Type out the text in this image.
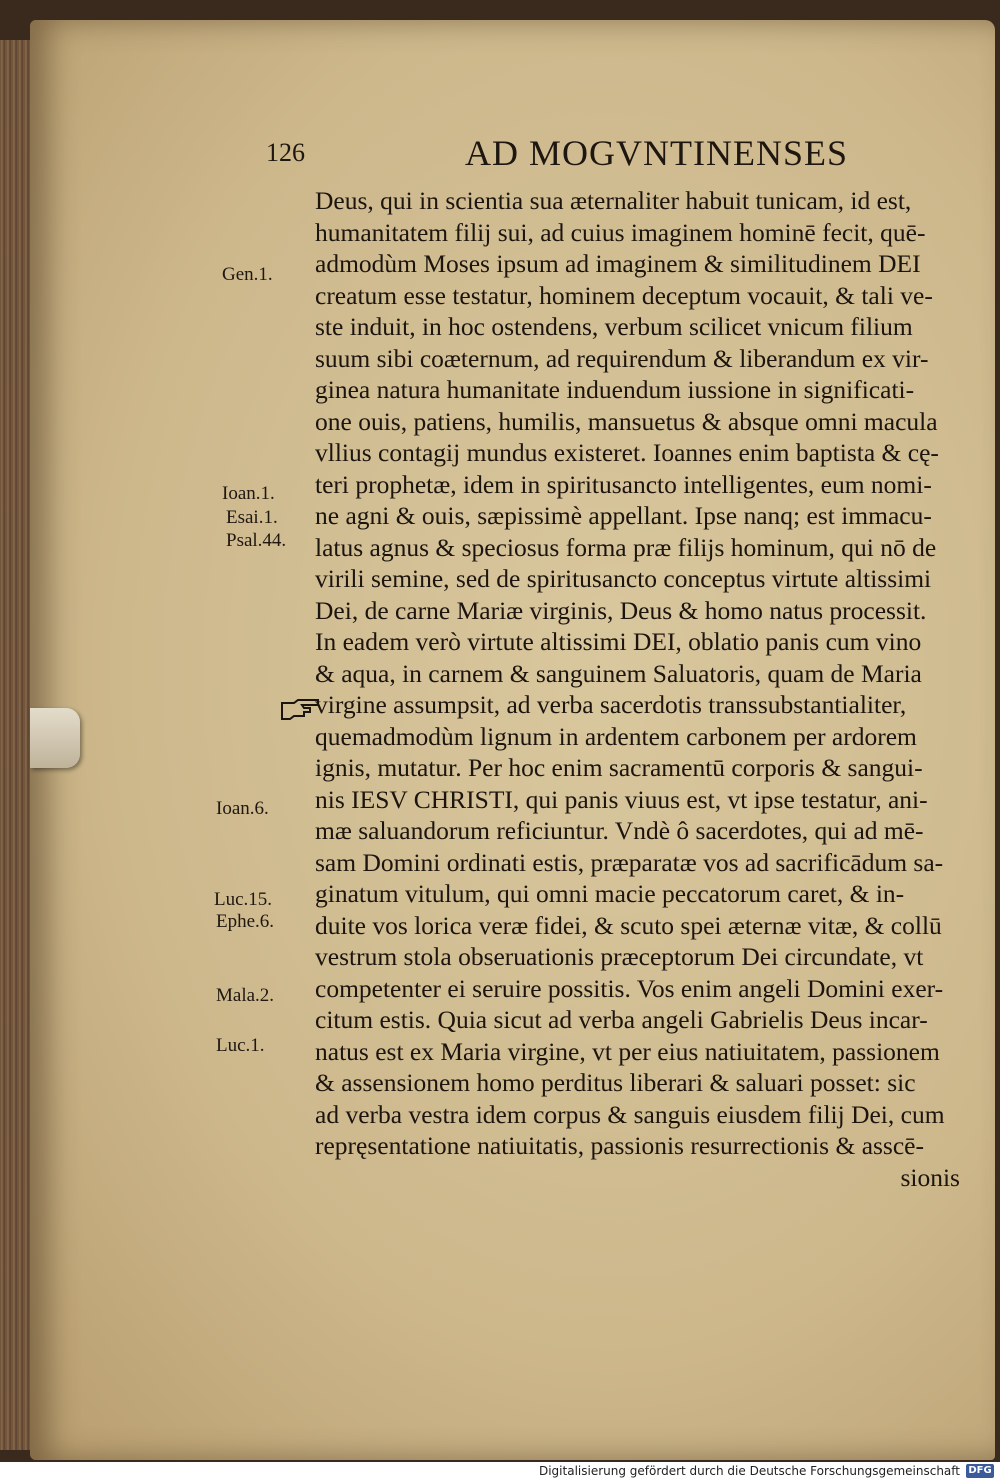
126	AD MOGVNTINENSES
Gen.1.
Ioan.1.
Esai.1.
Psal.44.
Ioan.6.
Luc.15.
Ephe.6.
Mala.2.
Luc.1.
Deus, qui in scientia sua æternaliter habuit tunicam, id est,
humanitatem filij sui, ad cuius imaginem hominē fecit, quē-
admodùm Moses ipsum ad imaginem & similitudinem DEI
creatum esse testatur, hominem deceptum vocauit, & tali ve-
ste induit, in hoc ostendens, verbum scilicet vnicum filium
suum sibi coæternum, ad requirendum & liberandum ex vir-
ginea natura humanitate induendum iussione in significati-
one ouis, patiens, humilis, mansuetus & absque omni macula
vllius contagij mundus existeret. Ioannes enim baptista & cę-
teri prophetæ, idem in spiritusancto intelligentes, eum nomi-
ne agni & ouis, sæpissimè appellant. Ipse nanq; est immacu-
latus agnus & speciosus forma præ filijs hominum, qui nō de
virili semine, sed de spiritusancto conceptus virtute altissimi
Dei, de carne Mariæ virginis, Deus & homo natus processit.
In eadem verò virtute altissimi DEI, oblatio panis cum vino
& aqua, in carnem & sanguinem Saluatoris, quam de Maria
virgine assumpsit, ad verba sacerdotis transsubstantialiter,
quemadmodùm lignum in ardentem carbonem per ardorem
ignis, mutatur. Per hoc enim sacramentū corporis & sangui-
nis IESV CHRISTI, qui panis viuus est, vt ipse testatur, ani-
mæ saluandorum reficiuntur. Vndè ô sacerdotes, qui ad mē-
sam Domini ordinati estis, præparatæ vos ad sacrificādum sa-
ginatum vitulum, qui omni macie peccatorum caret, & in-
duite vos lorica veræ fidei, & scuto spei æternæ vitæ, & collū
vestrum stola obseruationis præceptorum Dei circundate, vt
competenter ei seruire possitis. Vos enim angeli Domini exer-
citum estis. Quia sicut ad verba angeli Gabrielis Deus incar-
natus est ex Maria virgine, vt per eius natiuitatem, passionem
& assensionem homo perditus liberari & saluari posset: sic
ad verba vestra idem corpus & sanguis eiusdem filij Dei, cum
repręsentatione natiuitatis, passionis resurrectionis & asscē-
sionis
Digitalisierung gefördert durch die Deutsche Forschungsgemeinschaft DFG
